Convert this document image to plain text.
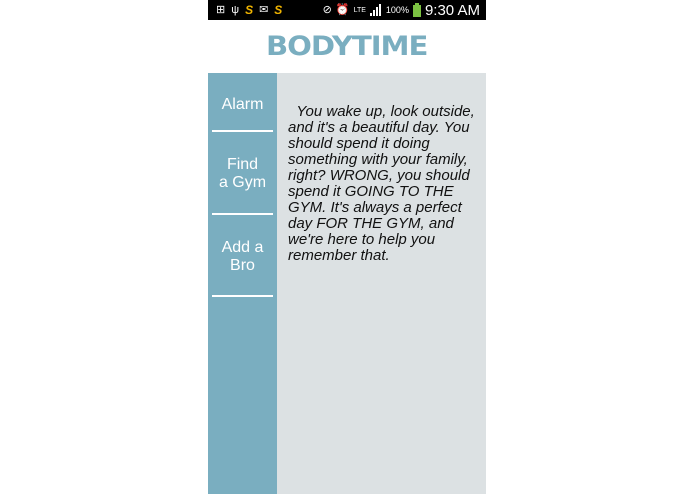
⊞ ψ S ✉ S	⊘ ⏰ LTE 100% 9:30 AM
BODYTIME
Alarm
Find
a Gym
Add a
Bro
You wake up, look outside, and it's a beautiful day. You should spend it doing something with your family, right? WRONG, you should spend it GOING TO THE GYM. It's always a perfect day FOR THE GYM, and we're here to help you remember that.
